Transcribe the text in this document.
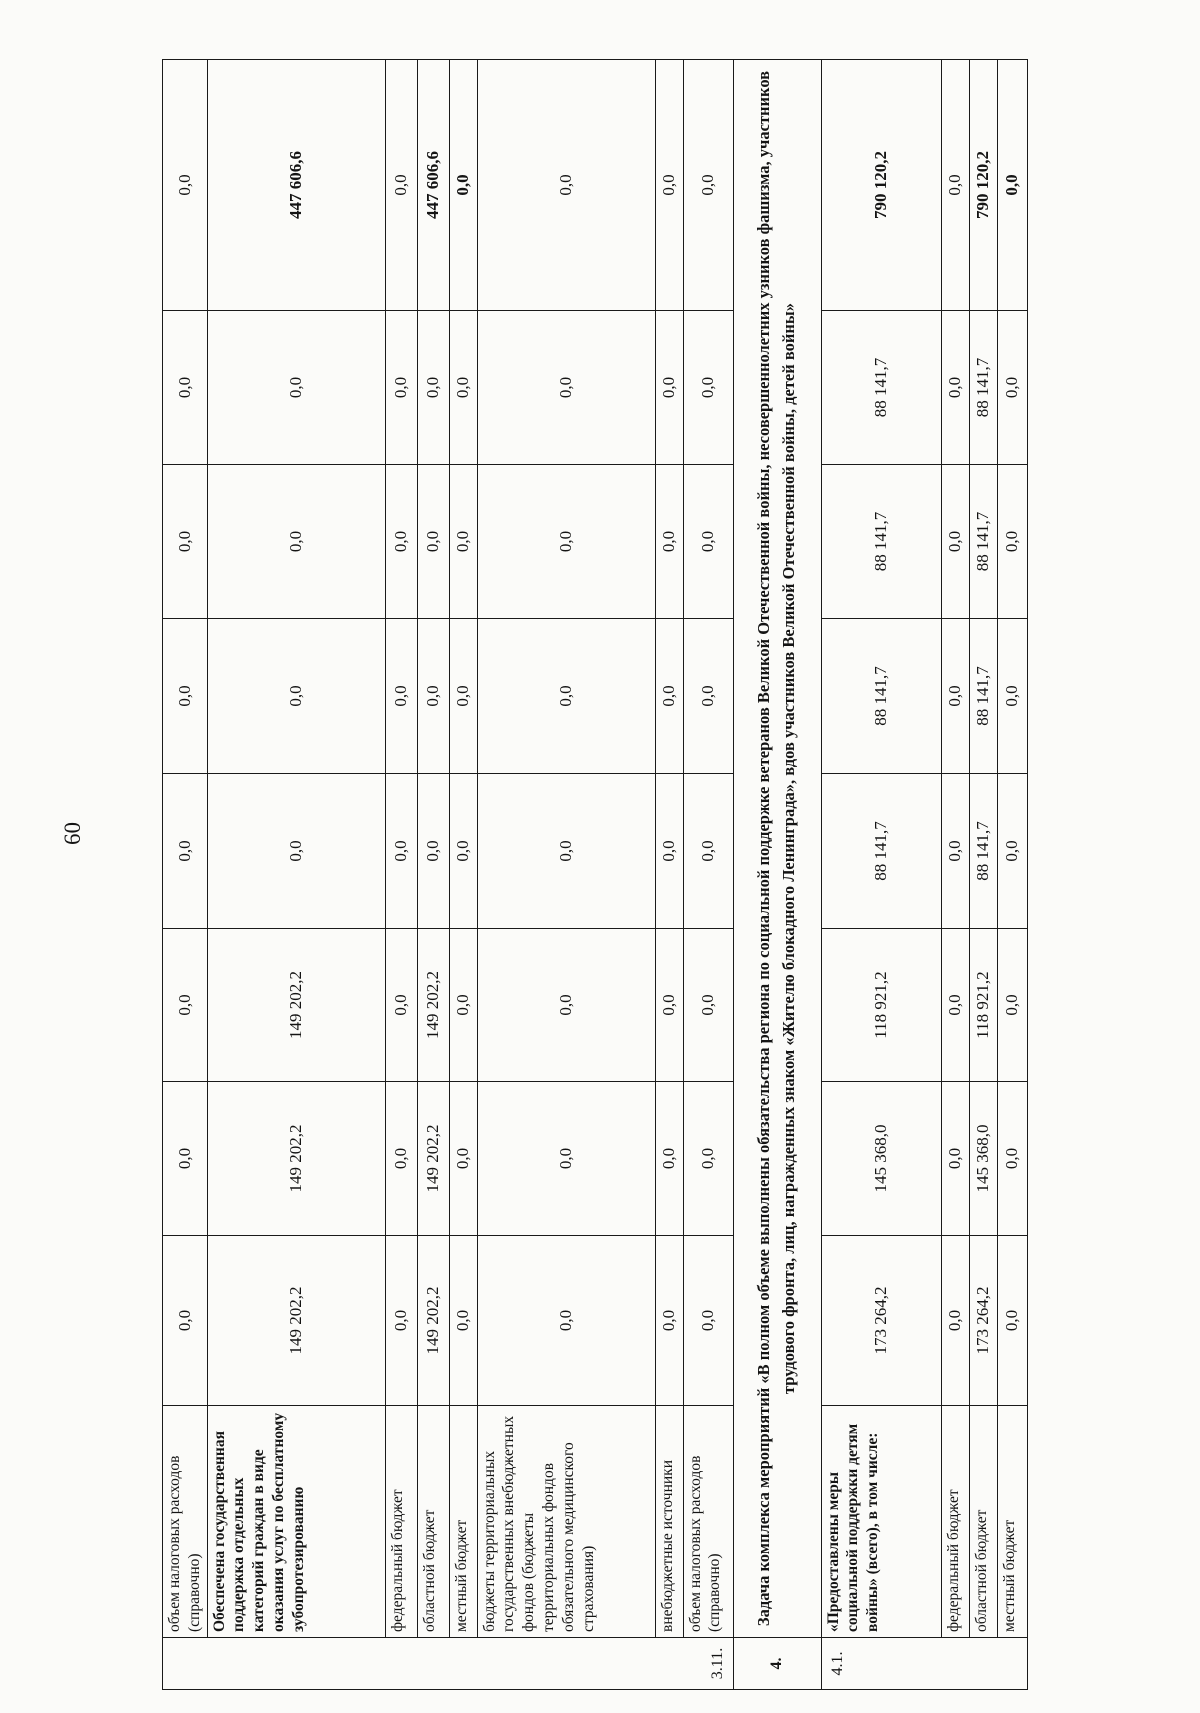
60
3.11.	объем налоговых расходов (справочно)	0,0	0,0	0,0	0,0	0,0	0,0	0,0	0,0
	Обеспечена государственная поддержка отдельных категорий граждан в виде оказания услуг по бесплатному зубопротезированию	149 202,2	149 202,2	149 202,2	0,0	0,0	0,0	0,0	447 606,6
	федеральный бюджет	0,0	0,0	0,0	0,0	0,0	0,0	0,0	0,0
	областной бюджет	149 202,2	149 202,2	149 202,2	0,0	0,0	0,0	0,0	447 606,6
	местный бюджет	0,0	0,0	0,0	0,0	0,0	0,0	0,0	0,0
	бюджеты территориальных государственных внебюджетных фондов (бюджеты территориальных фондов обязательного медицинского страхования)	0,0	0,0	0,0	0,0	0,0	0,0	0,0	0,0
	внебюджетные источники	0,0	0,0	0,0	0,0	0,0	0,0	0,0	0,0
	объем налоговых расходов (справочно)	0,0	0,0	0,0	0,0	0,0	0,0	0,0	0,0
4.	Задача комплекса мероприятий «В полном объеме выполнены обязательства региона по социальной поддержке ветеранов Великой Отечественной войны, несовершеннолетних узников фашизма, участников трудового фронта, лиц, награжденных знаком «Жителю блокадного Ленинграда», вдов участников Великой Отечественной войны, детей войны»								
4.1.	«Предоставлены меры социальной поддержки детям войны» (всего), в том числе:	173 264,2	145 368,0	118 921,2	88 141,7	88 141,7	88 141,7	88 141,7	790 120,2
	федеральный бюджет	0,0	0,0	0,0	0,0	0,0	0,0	0,0	0,0
	областной бюджет	173 264,2	145 368,0	118 921,2	88 141,7	88 141,7	88 141,7	88 141,7	790 120,2
	местный бюджет	0,0	0,0	0,0	0,0	0,0	0,0	0,0	0,0
